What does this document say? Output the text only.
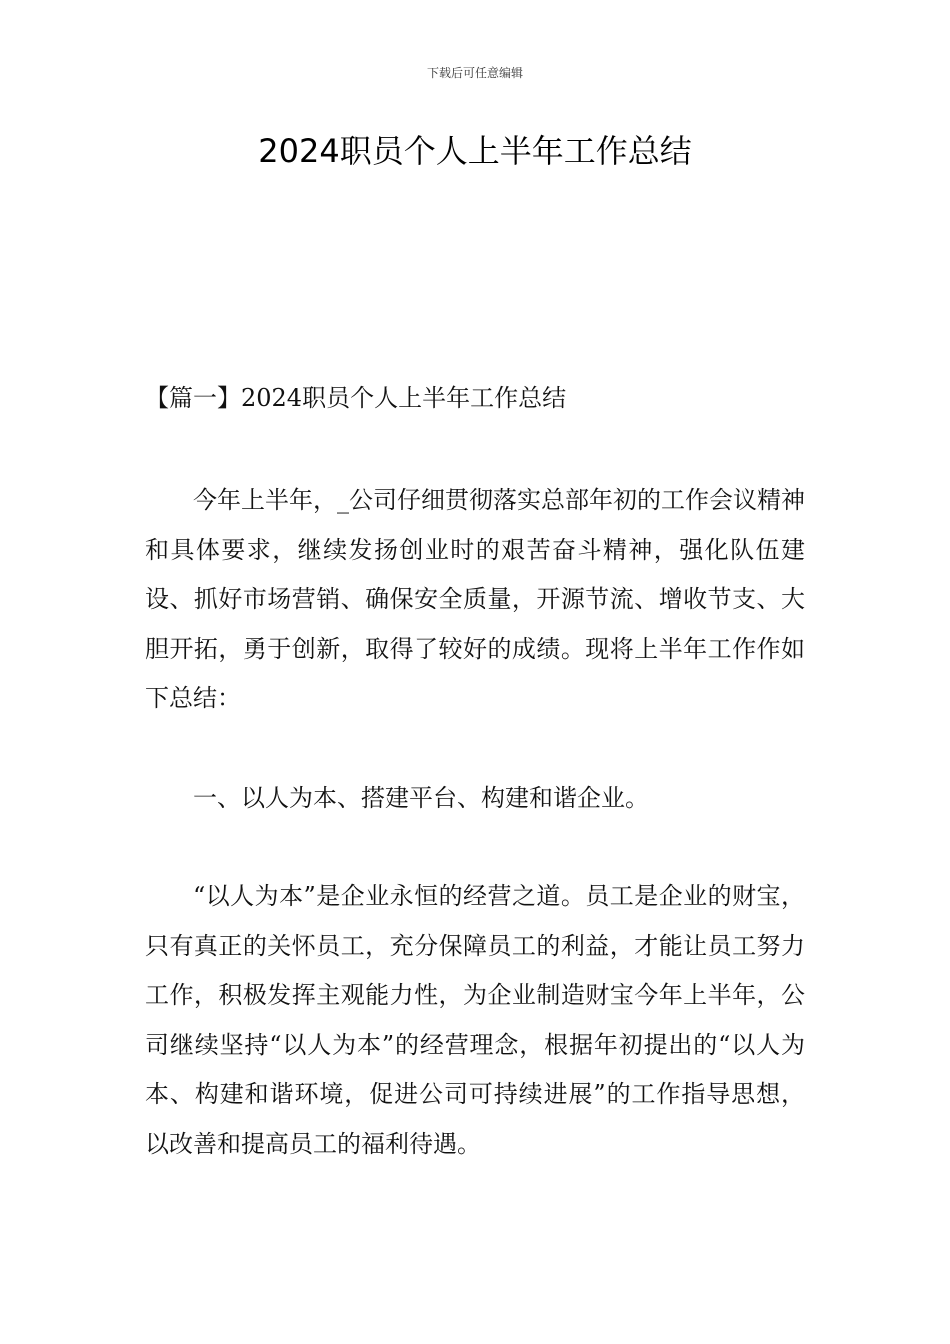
下载后可任意编辑
2024职员个人上半年工作总结
【篇一】2024职员个人上半年工作总结

今年上半年，_公司仔细贯彻落实总部年初的工作会议精神和具体要求，继续发扬创业时的艰苦奋斗精神，强化队伍建设、抓好市场营销、确保安全质量，开源节流、增收节支、大胆开拓，勇于创新，取得了较好的成绩。现将上半年工作作如下总结：

一、以人为本、搭建平台、构建和谐企业。

“以人为本”是企业永恒的经营之道。员工是企业的财宝，只有真正的关怀员工，充分保障员工的利益，才能让员工努力工作，积极发挥主观能力性，为企业制造财宝今年上半年，公司继续坚持“以人为本”的经营理念，根据年初提出的“以人为本、构建和谐环境，促进公司可持续进展”的工作指导思想，以改善和提高员工的福利待遇。
